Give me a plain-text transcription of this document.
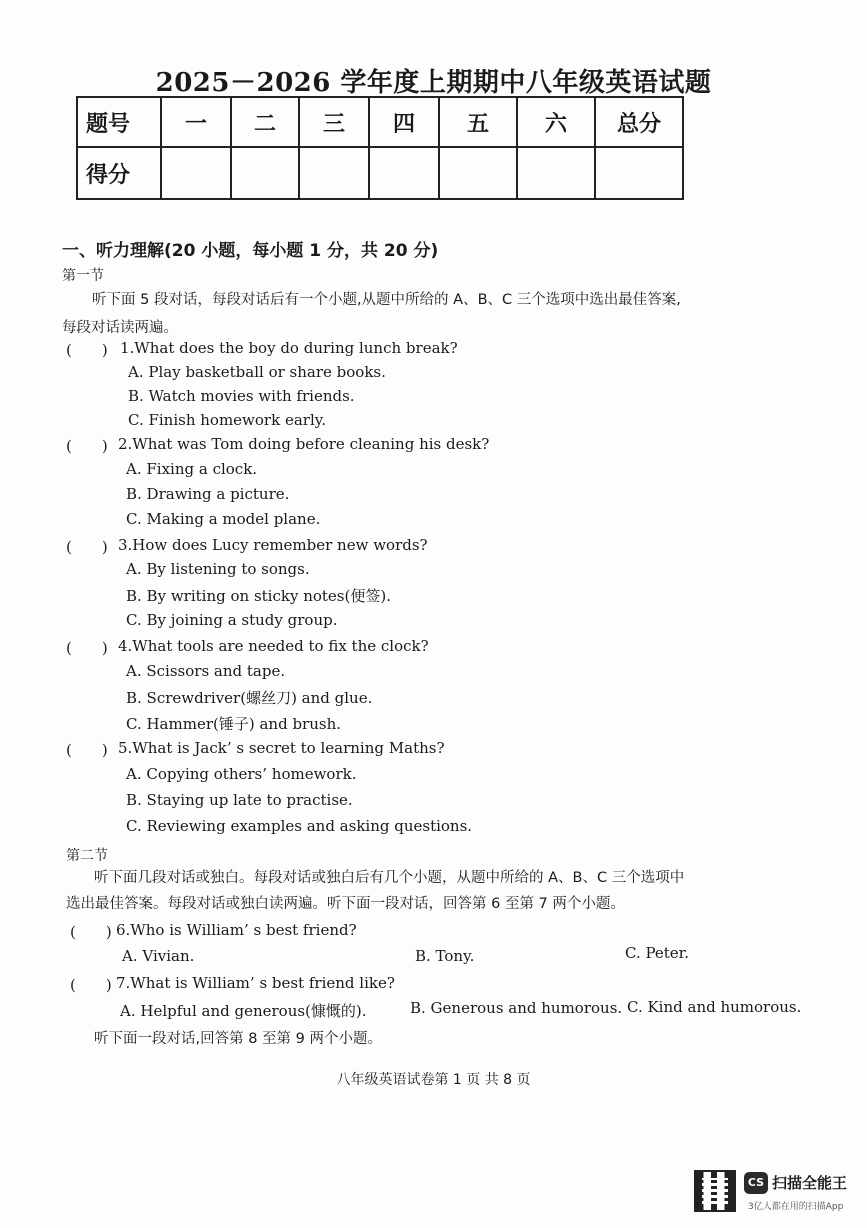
2025－2026 学年度上期期中八年级英语试题
题号	一	二	三	四	五	六	总分
得分							
一、听力理解(20 小题，每小题 1 分，共 20 分)
第一节
听下面 5 段对话，每段对话后有一个小题,从题中所给的 A、B、C 三个选项中选出最佳答案,
每段对话读两遍。
(　　) 1.What does the boy do during lunch break?
A. Play basketball or share books.
B. Watch movies with friends.
C. Finish homework early.
(　　) 2.What was Tom doing before cleaning his desk?
A. Fixing a clock.
B. Drawing a picture.
C. Making a model plane.
(　　) 3.How does Lucy remember new words?
A. By listening to songs.
B. By writing on sticky notes(便签).
C. By joining a study group.
(　　) 4.What tools are needed to fix the clock?
A. Scissors and tape.
B. Screwdriver(螺丝刀) and glue.
C. Hammer(锤子) and brush.
(　　) 5.What is Jack’ s secret to learning Maths?
A. Copying others’ homework.
B. Staying up late to practise.
C. Reviewing examples and asking questions.
第二节
听下面几段对话或独白。每段对话或独白后有几个小题，从题中所给的 A、B、C 三个选项中
选出最佳答案。每段对话或独白读两遍。听下面一段对话，回答第 6 至第 7 两个小题。
(　　) 6.Who is William’ s best friend?
A. Vivian.	B. Tony.	C. Peter.
(　　) 7.What is William’ s best friend like?
A. Helpful and generous(慷慨的).	B. Generous and humorous. C. Kind and humorous.
听下面一段对话,回答第 8 至第 9 两个小题。
八年级英语试卷第 1 页 共 8 页
CS 扫描全能王
3亿人都在用的扫描App
